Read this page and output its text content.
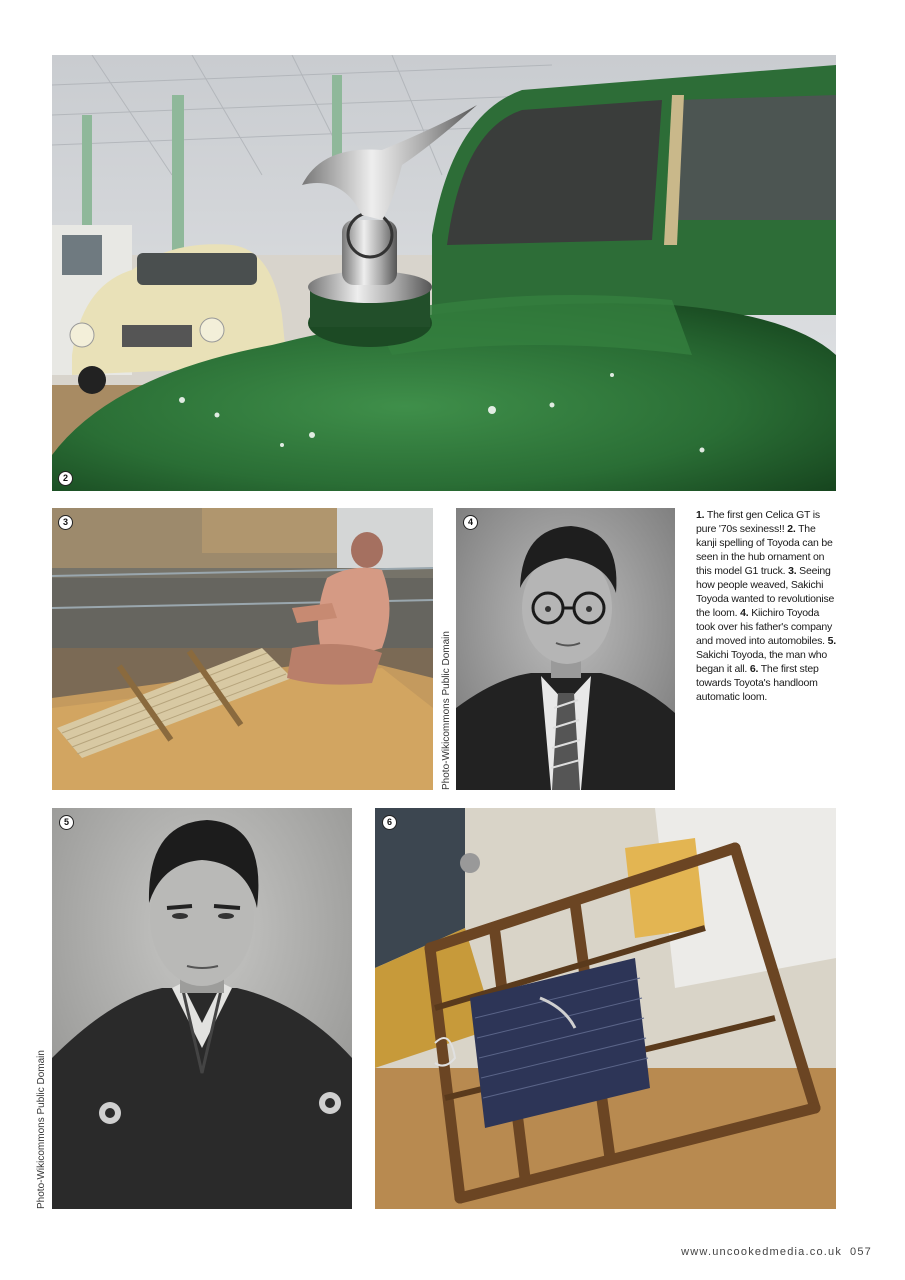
2
3	4
Photo-Wikicommons Public Domain
1. The first gen Celica GT is pure '70s sexiness!! 2. The kanji spelling of Toyoda can be seen in the hub ornament on this model G1 truck. 3. Seeing how people weaved, Sakichi Toyoda wanted to revolutionise the loom. 4. Kiichiro Toyoda took over his father's company and moved into automobiles. 5. Sakichi Toyoda, the man who began it all. 6. The first step towards Toyota's handloom automatic loom.
5
Photo-Wikicommons Public Domain
6
www.uncookedmedia.co.uk 057
